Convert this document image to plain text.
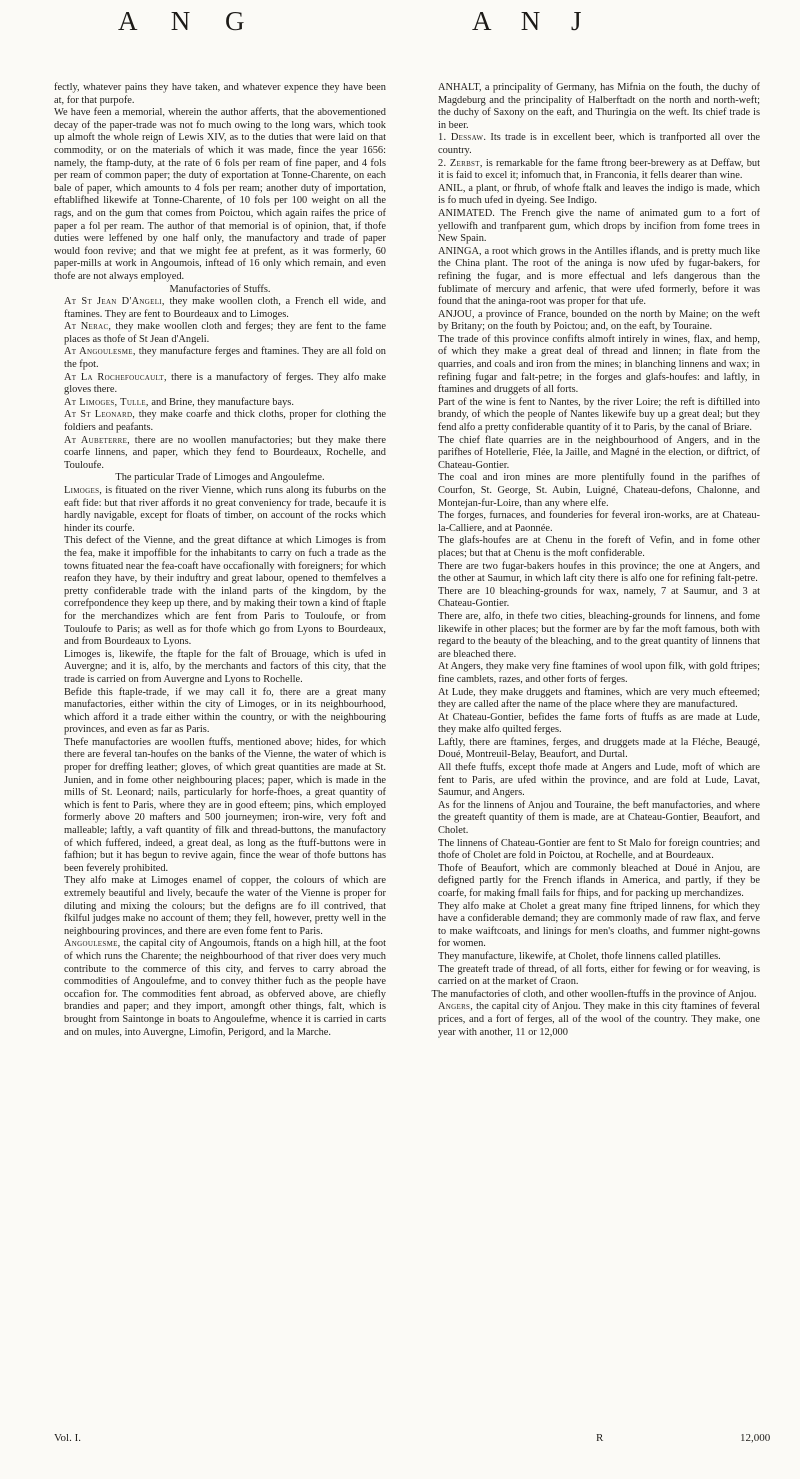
A N G	A N J

fectly, whatever pains they have taken, and whatever expence they have been at, for that purpofe.

We have feen a memorial, wherein the author afferts, that the abovementioned decay of the paper-trade was not fo much owing to the long wars, which took up almoft the whole reign of Lewis XIV, as to the duties that were laid on that commodity, or on the materials of which it was made, fince the year 1656: namely, the ftamp-duty, at the rate of 6 fols per ream of fine paper, and 4 fols per ream of common paper; the duty of exportation at Tonne-Charente, on each bale of paper, which amounts to 4 fols per ream; another duty of importation, eftablifhed likewife at Tonne-Charente, of 10 fols per 100 weight on all the rags, and on the gum that comes from Poictou, which again raifes the price of paper a fol per ream. The author of that memorial is of opinion, that, if thofe duties were leffened by one half only, the manufactory and trade of paper would foon revive; and that we might fee at prefent, as it was formerly, 60 paper-mills at work in Angoumois, inftead of 16 only which remain, and even thofe are not always employed.

Manufactories of Stuffs.

At St Jean D'Angeli, they make woollen cloth, a French ell wide, and ftamines. They are fent to Bourdeaux and to Limoges.

At Nerac, they make woollen cloth and ferges; they are fent to the fame places as thofe of St Jean d'Angeli.

At Angoulesme, they manufacture ferges and ftamines. They are all fold on the fpot.

At La Rochefoucault, there is a manufactory of ferges. They alfo make gloves there.

At Limoges, Tulle, and Brine, they manufacture bays.

At St Leonard, they make coarfe and thick cloths, proper for clothing the foldiers and peafants.

At Aubeterre, there are no woollen manufactories; but they make there coarfe linnens, and paper, which they fend to Bourdeaux, Rochelle, and Touloufe.

The particular Trade of Limoges and Angoulefme.

Limoges, is fituated on the river Vienne, which runs along its fuburbs on the eaft fide: but that river affords it no great conveniency for trade, becaufe it is hardly navigable, except for floats of timber, on account of the rocks which hinder its courfe.

This defect of the Vienne, and the great diftance at which Limoges is from the fea, make it impoffible for the inhabitants to carry on fuch a trade as the towns fituated near the fea-coaft have occafionally with foreigners; for which reafon they have, by their induftry and great labour, opened to themfelves a pretty confiderable trade with the inland parts of the kingdom, by the correfpondence they keep up there, and by making their town a kind of ftaple for the merchandizes which are fent from Paris to Touloufe, or from Touloufe to Paris; as well as for thofe which go from Lyons to Bourdeaux, and from Bourdeaux to Lyons.

Limoges is, likewife, the ftaple for the falt of Brouage, which is ufed in Auvergne; and it is, alfo, by the merchants and factors of this city, that the trade is carried on from Auvergne and Lyons to Rochelle.

Befide this ftaple-trade, if we may call it fo, there are a great many manufactories, either within the city of Limoges, or in its neighbourhood, which afford it a trade either within the country, or with the neighbouring provinces, and even as far as Paris.

Thefe manufactories are woollen ftuffs, mentioned above; hides, for which there are feveral tan-houfes on the banks of the Vienne, the water of which is proper for dreffing leather; gloves, of which great quantities are made at St. Junien, and in fome other neighbouring places; paper, which is made in the mills of St. Leonard; nails, particularly for horfe-fhoes, a great quantity of which is fent to Paris, where they are in good efteem; pins, which employed formerly above 20 mafters and 500 journeymen; iron-wire, very foft and malleable; laftly, a vaft quantity of filk and thread-buttons, the manufactory of which fuffered, indeed, a great deal, as long as the ftuff-buttons were in fafhion; but it has begun to revive again, fince the wear of thofe buttons has been feverely prohibited.

They alfo make at Limoges enamel of copper, the colours of which are extremely beautiful and lively, becaufe the water of the Vienne is proper for diluting and mixing the colours; but the defigns are fo ill contrived, that fkilful judges make no account of them; they fell, however, pretty well in the neighbouring provinces, and there are even fome fent to Paris.

Angoulesme, the capital city of Angoumois, ftands on a high hill, at the foot of which runs the Charente; the neighbourhood of that river does very much contribute to the commerce of this city, and ferves to carry abroad the commodities of Angoulefme, and to convey thither fuch as the people have occafion for. The commodities fent abroad, as obferved above, are chiefly brandies and paper; and they import, amongft other things, falt, which is brought from Saintonge in boats to Angoulefme, whence it is carried in carts and on mules, into Auvergne, Limofin, Perigord, and la Marche.

ANHALT, a principality of Germany, has Mifnia on the fouth, the duchy of Magdeburg and the principality of Halberftadt on the north and north-weft; the duchy of Saxony on the eaft, and Thuringia on the weft. Its chief trade is in beer.

1. Dessaw. Its trade is in excellent beer, which is tranfported all over the country.

2. Zerbst, is remarkable for the fame ftrong beer-brewery as at Deffaw, but it is faid to excel it; infomuch that, in Franconia, it fells dearer than wine.

ANIL, a plant, or fhrub, of whofe ftalk and leaves the indigo is made, which is fo much ufed in dyeing. See Indigo.

ANIMATED. The French give the name of animated gum to a fort of yellowifh and tranfparent gum, which drops by incifion from fome trees in New Spain.

ANINGA, a root which grows in the Antilles iflands, and is pretty much like the China plant. The root of the aninga is now ufed by fugar-bakers, for refining the fugar, and is more effectual and lefs dangerous than the fublimate of mercury and arfenic, that were ufed formerly, before it was found that the aninga-root was proper for that ufe.

ANJOU, a province of France, bounded on the north by Maine; on the weft by Britany; on the fouth by Poictou; and, on the eaft, by Touraine.

The trade of this province confifts almoft intirely in wines, flax, and hemp, of which they make a great deal of thread and linnen; in flate from the quarries, and coals and iron from the mines; in blanching linnens and wax; in refining fugar and falt-petre; in the forges and glafs-houfes: and laftly, in ftamines and druggets of all forts.

Part of the wine is fent to Nantes, by the river Loire; the reft is diftilled into brandy, of which the people of Nantes likewife buy up a great deal; but they fend alfo a pretty confiderable quantity of it to Paris, by the canal of Briare.

The chief flate quarries are in the neighbourhood of Angers, and in the parifhes of Hotellerie, Flée, la Jaille, and Magné in the election, or diftrict, of Chateau-Gontier.

The coal and iron mines are more plentifully found in the parifhes of Courfon, St. George, St. Aubin, Luigné, Chateau-defons, Chalonne, and Montejan-fur-Loire, than any where elfe.

The forges, furnaces, and founderies for feveral iron-works, are at Chateau-la-Calliere, and at Paonnée.

The glafs-houfes are at Chenu in the foreft of Vefin, and in fome other places; but that at Chenu is the moft confiderable.

There are two fugar-bakers houfes in this province; the one at Angers, and the other at Saumur, in which laft city there is alfo one for refining falt-petre.

There are 10 bleaching-grounds for wax, namely, 7 at Saumur, and 3 at Chateau-Gontier.

There are, alfo, in thefe two cities, bleaching-grounds for linnens, and fome likewife in other places; but the former are by far the moft famous, both with regard to the beauty of the bleaching, and to the great quantity of linnens that are bleached there.

At Angers, they make very fine ftamines of wool upon filk, with gold ftripes; fine camblets, razes, and other forts of ferges.

At Lude, they make druggets and ftamines, which are very much efteemed; they are called after the name of the place where they are manufactured.

At Chateau-Gontier, befides the fame forts of ftuffs as are made at Lude, they make alfo quilted ferges.

Laftly, there are ftamines, ferges, and druggets made at la Fléche, Beaugé, Doué, Montreuil-Belay, Beaufort, and Durtal.

All thefe ftuffs, except thofe made at Angers and Lude, moft of which are fent to Paris, are ufed within the province, and are fold at Lude, Lavat, Saumur, and Angers.

As for the linnens of Anjou and Touraine, the beft manufactories, and where the greateft quantity of them is made, are at Chateau-Gontier, Beaufort, and Cholet.

The linnens of Chateau-Gontier are fent to St Malo for foreign countries; and thofe of Cholet are fold in Poictou, at Rochelle, and at Bourdeaux.

Thofe of Beaufort, which are commonly bleached at Doué in Anjou, are defigned partly for the French iflands in America, and partly, if they be coarfe, for making fmall fails for fhips, and for packing up merchandizes.

They alfo make at Cholet a great many fine ftriped linnens, for which they have a confiderable demand; they are commonly made of raw flax, and ferve to make waiftcoats, and linings for men's cloaths, and fummer night-gowns for women.

They manufacture, likewife, at Cholet, thofe linnens called platilles.

The greateft trade of thread, of all forts, either for fewing or for weaving, is carried on at the market of Craon.

The manufactories of cloth, and other woollen-ftuffs in the province of Anjou.

Angers, the capital city of Anjou. They make in this city ftamines of feveral prices, and a fort of ferges, all of the wool of the country. They make, one year with another, 11 or 12,000

Vol. I.	R	12,000
